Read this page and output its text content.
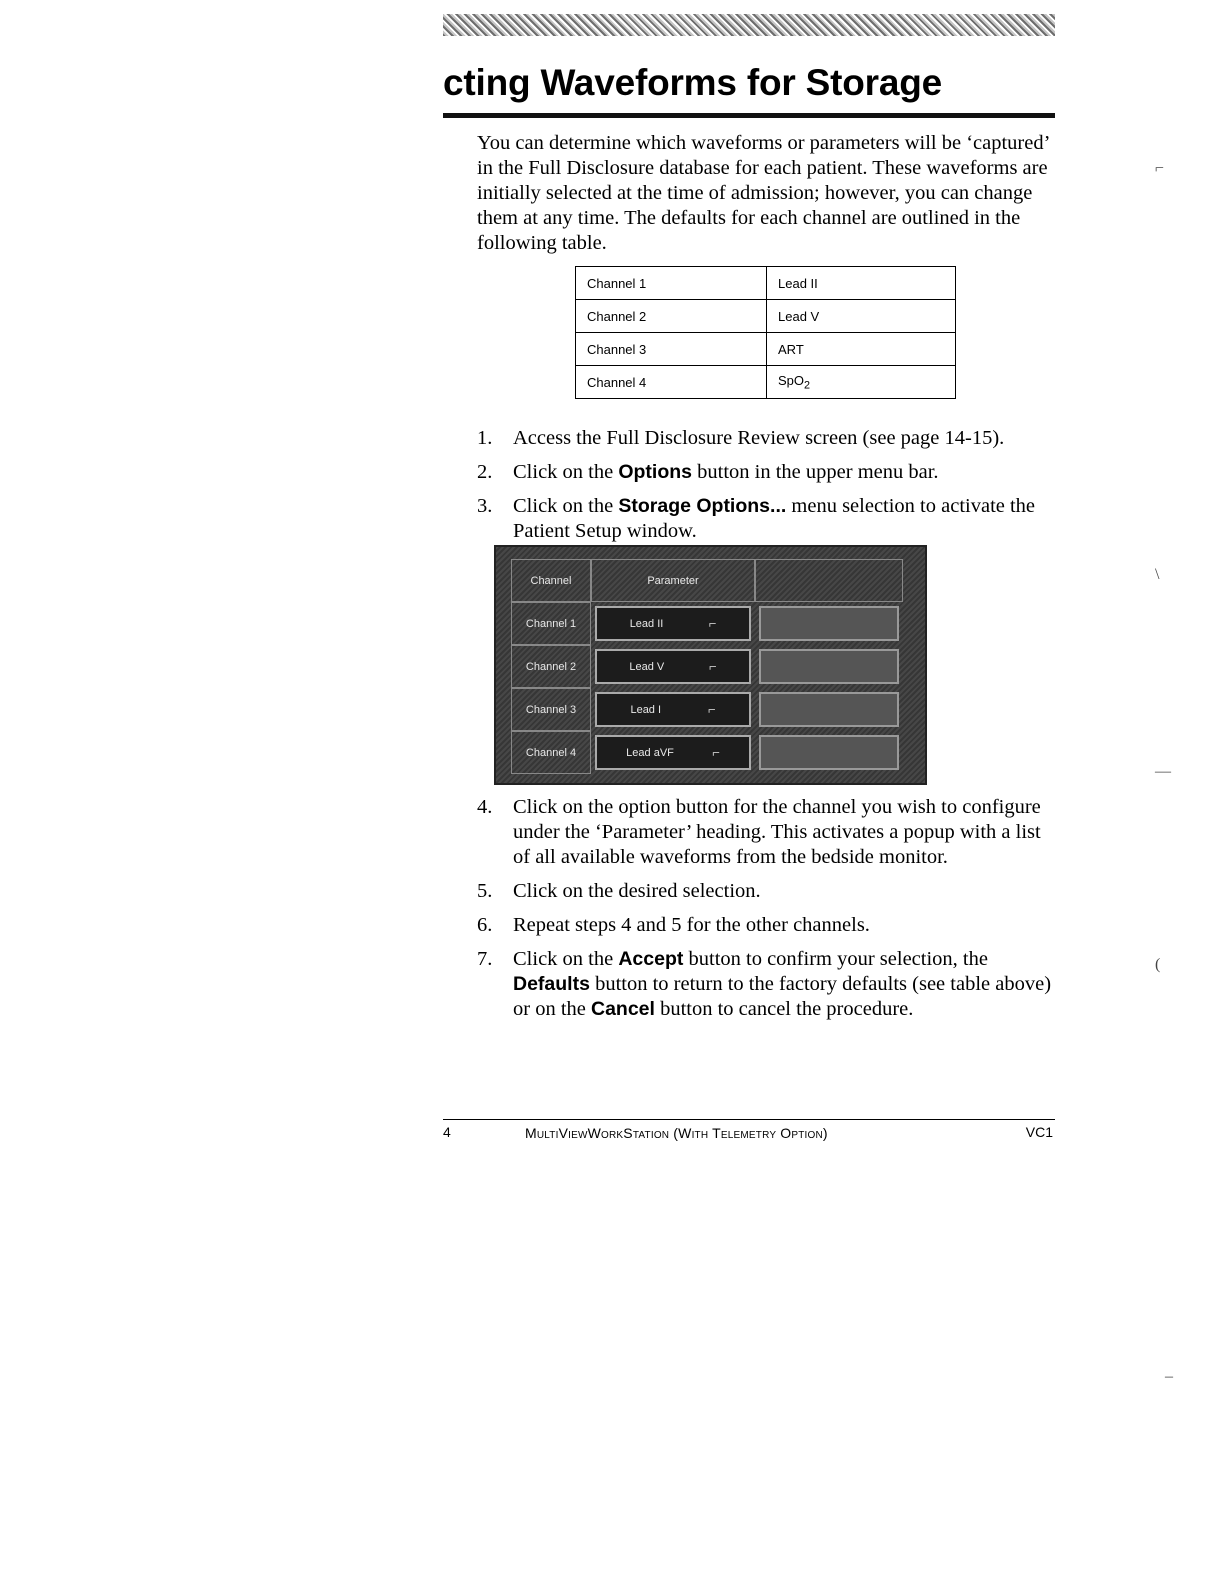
cting Waveforms for Storage

You can determine which waveforms or parameters will be ‘captured’ in the Full Disclosure database for each patient. These waveforms are initially selected at the time of admission; however, you can change them at any time. The defaults for each channel are outlined in the following table.

Channel 1	Lead II
Channel 2	Lead V
Channel 3	ART
Channel 4	SpO$_2$
1. Access the Full Disclosure Review screen (see page 14-15).
2. Click on the Options button in the upper menu bar.
3. Click on the Storage Options... menu selection to activate the Patient Setup window.
Channel	Parameter
Channel 1	Lead II	⌐
Channel 2	Lead V	⌐
Channel 3	Lead I	⌐
Channel 4	Lead aVF	⌐
4. Click on the option button for the channel you wish to configure under the ‘Parameter’ heading. This activates a popup with a list of all available waveforms from the bedside monitor.
5. Click on the desired selection.
6. Repeat steps 4 and 5 for the other channels.
7. Click on the Accept button to confirm your selection, the Defaults button to return to the factory defaults (see table above) or on the Cancel button to cancel the procedure.
4	MultiViewWorkStation (With Telemetry Option)	VC1
⌐
\
—
(
–
